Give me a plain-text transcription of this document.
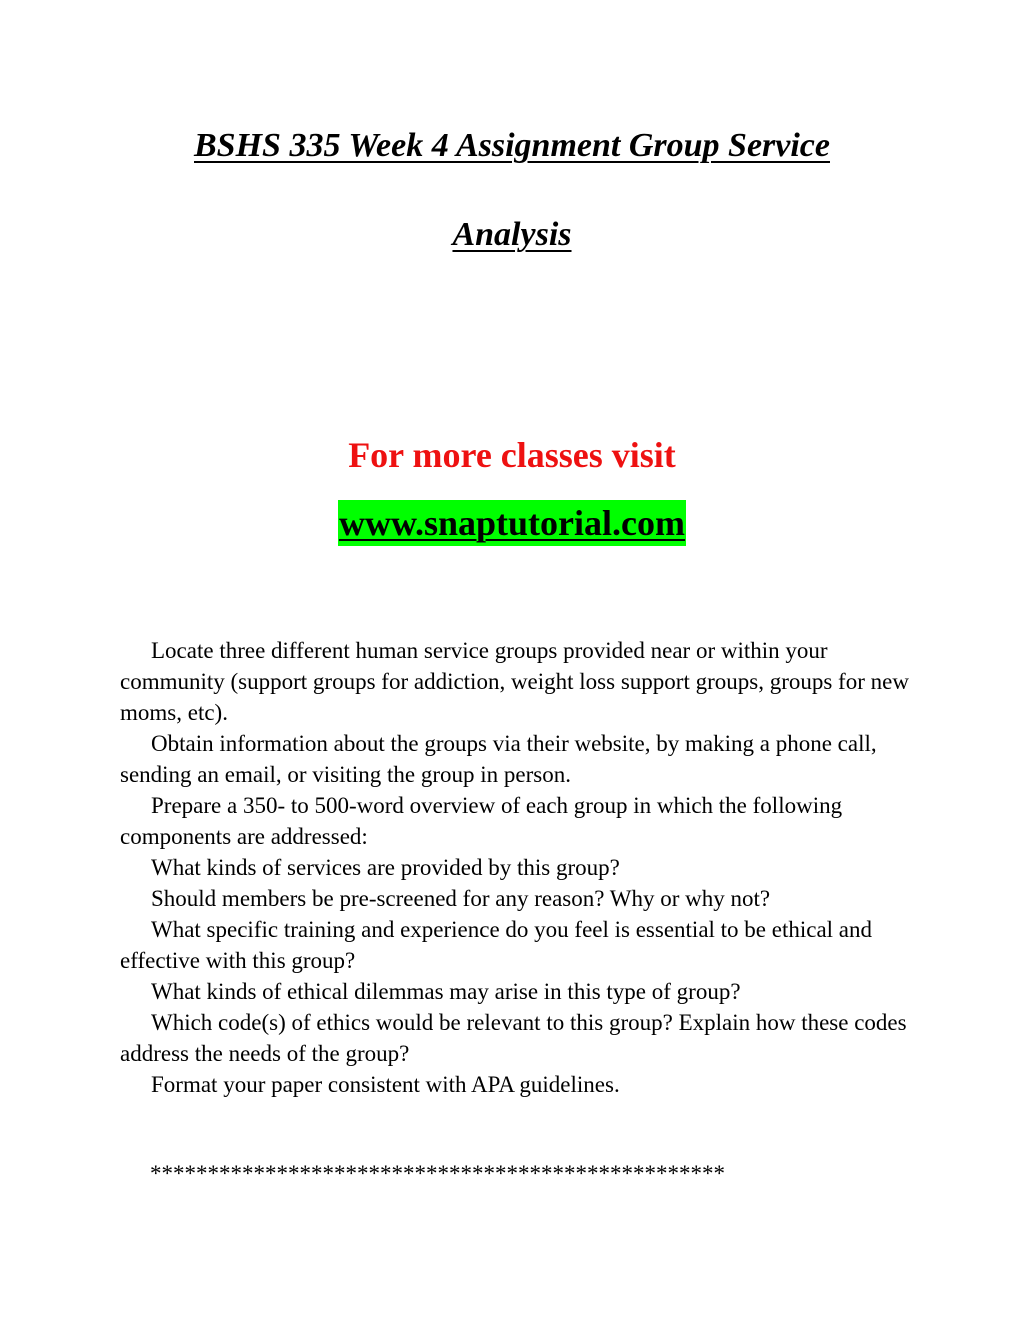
BSHS 335 Week 4 Assignment Group Service
Analysis
For more classes visit
www.snaptutorial.com

Locate three different human service groups provided near or within your community (support groups for addiction, weight loss support groups, groups for new moms, etc).

Obtain information about the groups via their website, by making a phone call, sending an email, or visiting the group in person.

Prepare a 350- to 500-word overview of each group in which the following components are addressed:

What kinds of services are provided by this group?

Should members be pre-screened for any reason? Why or why not?

What specific training and experience do you feel is essential to be ethical and effective with this group?

What kinds of ethical dilemmas may arise in this type of group?

Which code(s) of ethics would be relevant to this group? Explain how these codes address the needs of the group?

Format your paper consistent with APA guidelines.

**************************************************
